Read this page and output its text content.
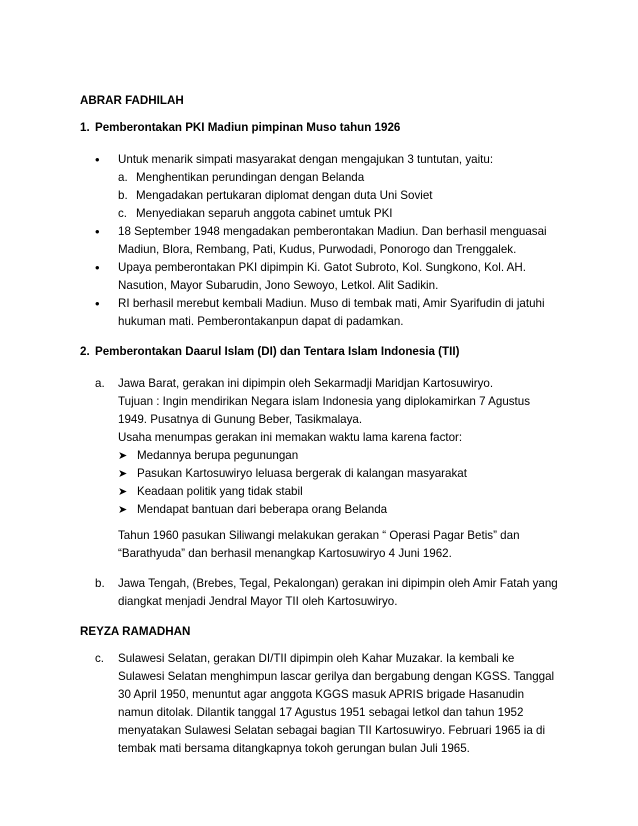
ABRAR FADHILAH
1. Pemberontakan PKI Madiun pimpinan Muso tahun 1926
• Untuk menarik simpati masyarakat dengan mengajukan 3 tuntutan, yaitu:
a. Menghentikan perundingan dengan Belanda
b. Mengadakan pertukaran diplomat dengan duta Uni Soviet
c. Menyediakan separuh anggota cabinet umtuk PKI
• 18 September 1948 mengadakan pemberontakan Madiun. Dan berhasil menguasai Madiun, Blora, Rembang, Pati, Kudus, Purwodadi, Ponorogo dan Trenggalek.
• Upaya pemberontakan PKI dipimpin Ki. Gatot Subroto, Kol. Sungkono, Kol. AH. Nasution, Mayor Subarudin, Jono Sewoyo, Letkol. Alit Sadikin.
• RI berhasil merebut kembali Madiun. Muso di tembak mati, Amir Syarifudin di jatuhi hukuman mati. Pemberontakanpun dapat di padamkan.
2. Pemberontakan Daarul Islam (DI) dan Tentara Islam Indonesia (TII)
a.	Jawa Barat, gerakan ini dipimpin oleh Sekarmadji Maridjan Kartosuwiryo.

Tujuan : Ingin mendirikan Negara islam Indonesia yang diplokamirkan 7 Agustus 1949. Pusatnya di Gunung Beber, Tasikmalaya.

Usaha menumpas gerakan ini memakan waktu lama karena factor:

➤ Medannya berupa pegunungan
➤ Pasukan Kartosuwiryo leluasa bergerak di kalangan masyarakat
➤ Keadaan politik yang tidak stabil
➤ Mendapat bantuan dari beberapa orang Belanda

Tahun 1960 pasukan Siliwangi melakukan gerakan “ Operasi Pagar Betis” dan “Barathyuda” dan berhasil menangkap Kartosuwiryo 4 Juni 1962.

b.	Jawa Tengah, (Brebes, Tegal, Pekalongan) gerakan ini dipimpin oleh Amir Fatah yang diangkat menjadi Jendral Mayor TII oleh Kartosuwiryo.
REYZA RAMADHAN
c.	Sulawesi Selatan, gerakan DI/TII dipimpin oleh Kahar Muzakar. Ia kembali ke Sulawesi Selatan menghimpun lascar gerilya dan bergabung dengan KGSS. Tanggal 30 April 1950, menuntut agar anggota KGGS masuk APRIS brigade Hasanudin namun ditolak. Dilantik tanggal 17 Agustus 1951 sebagai letkol dan tahun 1952 menyatakan Sulawesi Selatan sebagai bagian TII Kartosuwiryo. Februari 1965 ia di tembak mati bersama ditangkapnya tokoh gerungan bulan Juli 1965.
